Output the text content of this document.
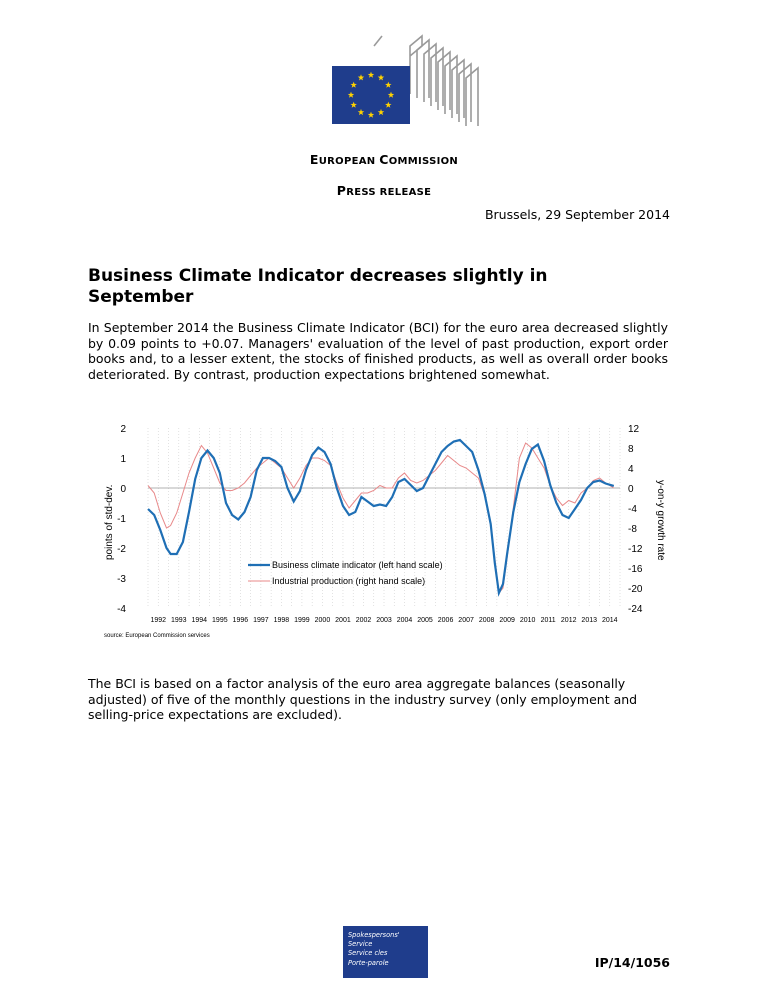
EUROPEAN COMMISSION
PRESS RELEASE
Brussels, 29 September 2014
Business Climate Indicator decreases slightly in September
In September 2014 the Business Climate Indicator (BCI) for the euro area decreased slightly by 0.09 points to +0.07. Managers' evaluation of the level of past production, export order books and, to a lesser extent, the stocks of finished products, as well as overall order books deteriorated. By contrast, production expectations brightened somewhat.
2
1
0
-1
-2
-3
-4
12
8
4
0
-4
-8
-12
-16
-20
-24
1992 1993 1994 1995 1996 1997 1998 1999 2000 2001 2002 2003 2004 2005 2006 2007 2008 2009 2010 2011 2012 2013 2014
points of std-dev.
Business climate indicator (left hand scale)
Industrial production (right hand scale)
source: European Commission services
y-on-y growth rate
The BCI is based on a factor analysis of the euro area aggregate balances (seasonally adjusted) of five of the monthly questions in the industry survey (only employment and selling-price expectations are excluded).
Spokespersons'
Service
Service cles
Porte-parole	IP/14/1056
